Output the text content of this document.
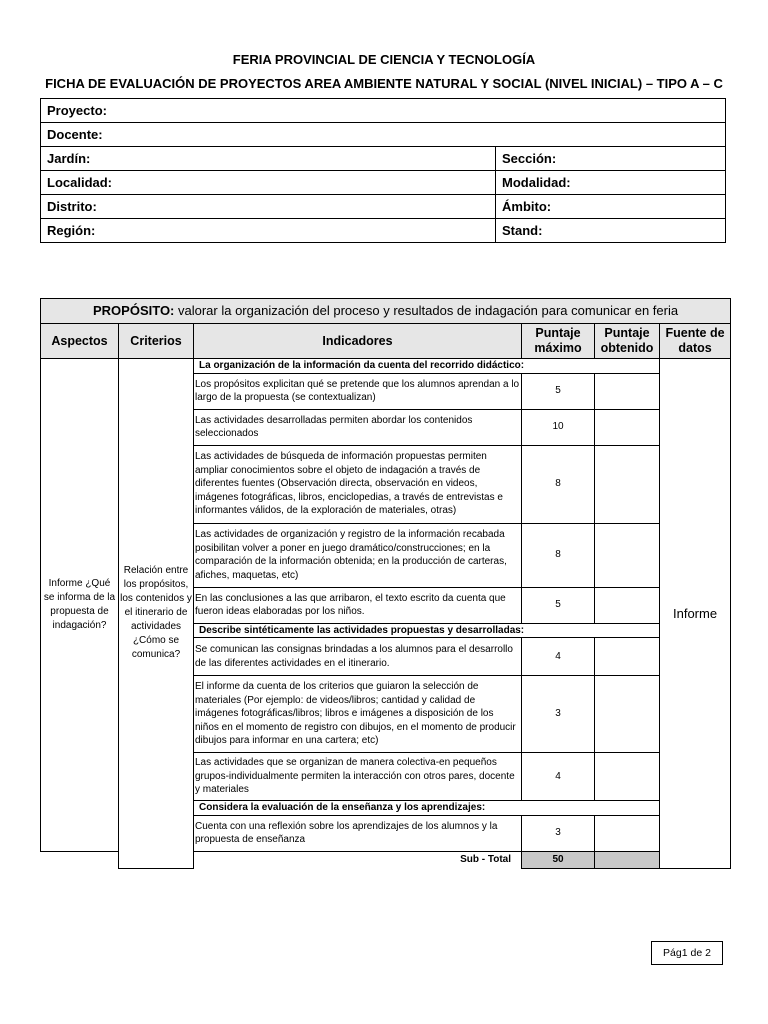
FERIA PROVINCIAL DE CIENCIA Y TECNOLOGÍA
FICHA DE EVALUACIÓN DE PROYECTOS AREA AMBIENTE NATURAL Y SOCIAL (NIVEL INICIAL) – TIPO A – C
Proyecto:	
Docente:	
Jardín:	Sección:
Localidad:	Modalidad:
Distrito:	Ámbito:
Región:	Stand:
PROPÓSITO: valorar la organización del proceso y resultados de indagación para comunicar en feria					
Aspectos	Criterios	Indicadores	Puntaje máximo	Puntaje obtenido	Fuente de datos
Informe ¿Qué se informa de la propuesta de indagación?	Relación entre los propósitos, los contenidos y el itinerario de actividades ¿Cómo se comunica?	La organización de la información da cuenta del recorrido didáctico:			Informe
		Los propósitos explicitan qué se pretende que los alumnos aprendan a lo largo de la propuesta (se contextualizan)	5		
		Las actividades desarrolladas permiten abordar los contenidos seleccionados	10		
		Las actividades de búsqueda de información propuestas permiten ampliar conocimientos sobre el objeto de indagación a través de diferentes fuentes (Observación directa, observación en videos, imágenes fotográficas, libros, enciclopedias, a través de entrevistas e informantes válidos, de la exploración de materiales, otras)	8		
		Las actividades de organización y registro de la información recabada posibilitan volver a poner en juego dramático/construcciones; en la comparación de la información obtenida; en la producción de carteras, afiches, maquetas, etc)	8		
		En las conclusiones a las que arribaron, el texto escrito da cuenta que fueron ideas elaboradas por los niños.	5		
		Describe sintéticamente las actividades propuestas y desarrolladas:			
		Se comunican las consignas brindadas a los alumnos para el desarrollo de las diferentes actividades en el itinerario.	4		
		El informe da cuenta de los criterios que guiaron la selección de materiales (Por ejemplo: de videos/libros; cantidad y calidad de imágenes fotográficas/libros; libros e imágenes a disposición de los niños en el momento de registro con dibujos, en el momento de producir dibujos para informar en una cartera; etc)	3		
		Las actividades que se organizan de manera colectiva-en pequeños grupos-individualmente permiten la interacción con otros pares, docente y materiales	4		
		Considera la evaluación de la enseñanza y los aprendizajes:			
		Cuenta con una reflexión sobre los aprendizajes de los alumnos y la propuesta de enseñanza	3		
		Sub - Total	50		
Pág1 de 2
